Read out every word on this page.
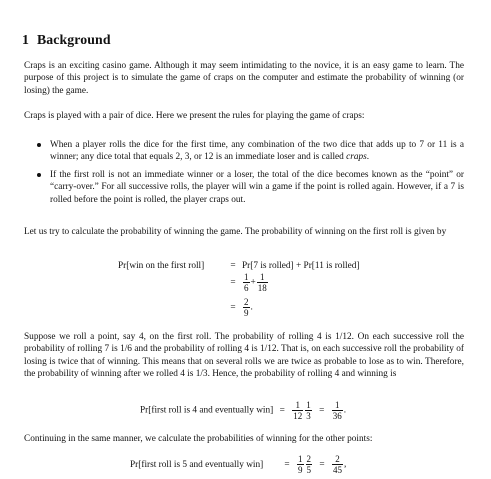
1 Background

Craps is an exciting casino game. Although it may seem intimidating to the novice, it is an easy game to learn. The purpose of this project is to simulate the game of craps on the computer and estimate the probability of winning (or losing) the game.

Craps is played with a pair of dice. Here we present the rules for playing the game of craps:

When a player rolls the dice for the first time, any combination of the two dice that adds up to 7 or 11 is a winner; any dice total that equals 2, 3, or 12 is an immediate loser and is called craps.
If the first roll is not an immediate winner or a loser, the total of the dice becomes known as the “point” or “carry-over.” For all successive rolls, the player will win a game if the point is rolled again. However, if a 7 is rolled before the point is rolled, the player craps out.

Let us try to calculate the probability of winning the game. The probability of winning on the first roll is given by

Pr[win on the first roll]	= Pr[7 is rolled] + Pr[11 is rolled]
= $\frac{1}{6} + \frac{1}{18}$
= $\frac{2}{9}$ .

Suppose we roll a point, say 4, on the first roll. The probability of rolling 4 is 1/12. On each successive roll the probability of rolling 7 is 1/6 and the probability of rolling 4 is 1/12. That is, on each successive roll the probability of losing is twice that of winning. This means that on several rolls we are twice as probable to lose as to win. Therefore, the probability of winning after we rolled 4 is 1/3. Hence, the probability of rolling 4 and winning is

Pr[first roll is 4 and eventually $win] = \frac{1}{12} \frac{1}{3} = \frac{1}{36}$ .

Continuing in the same manner, we calculate the probabilities of winning for the other points:

Pr[first roll is 5 and eventually $win] = \frac{1}{9} \frac{2}{5} = \frac{2}{45}$ ,
